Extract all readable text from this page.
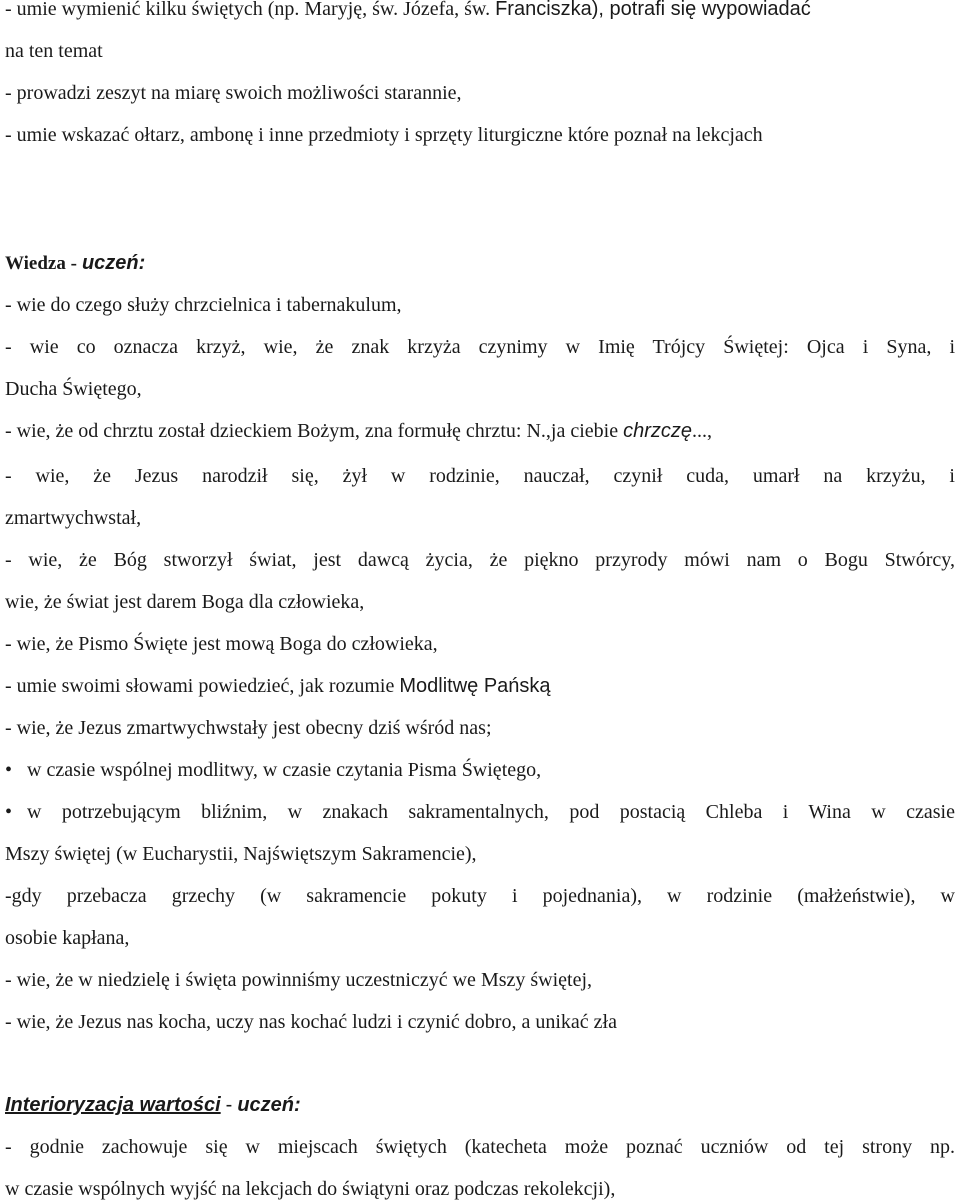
- umie wymienić kilku świętych (np. Maryję, św. Józefa, św. Franciszka), potrafi się wypowiadać
na ten temat
- prowadzi zeszyt na miarę swoich możliwości starannie,
- umie wskazać ołtarz, ambonę i inne przedmioty i sprzęty liturgiczne które poznał na lekcjach
Wiedza - uczeń:
- wie do czego służy chrzcielnica i tabernakulum,
- wie co oznacza krzyż, wie, że znak krzyża czynimy w Imię Trójcy Świętej: Ojca i Syna, i
Ducha Świętego,
- wie, że od chrztu został dzieckiem Bożym, zna formułę chrztu: N.,ja ciebie chrzczę...,
- wie, że Jezus narodził się, żył w rodzinie, nauczał, czynił cuda, umarł na krzyżu, i
zmartwychwstał,
- wie, że Bóg stworzył świat, jest dawcą życia, że piękno przyrody mówi nam o Bogu Stwórcy,
wie, że świat jest darem Boga dla człowieka,
- wie, że Pismo Święte jest mową Boga do człowieka,
- umie swoimi słowami powiedzieć, jak rozumie Modlitwę Pańską
- wie, że Jezus zmartwychwstały jest obecny dziś wśród nas;
• w czasie wspólnej modlitwy, w czasie czytania Pisma Świętego,
• w potrzebującym bliźnim, w znakach sakramentalnych, pod postacią Chleba i Wina w czasie
Mszy świętej (w Eucharystii, Najświętszym Sakramencie),
-gdy przebacza grzechy (w sakramencie pokuty i pojednania), w rodzinie (małżeństwie), w
osobie kapłana,
- wie, że w niedzielę i święta powinniśmy uczestniczyć we Mszy świętej,
- wie, że Jezus nas kocha, uczy nas kochać ludzi i czynić dobro, a unikać zła
Interioryzacja wartości - uczeń:
- godnie zachowuje się w miejscach świętych (katecheta może poznać uczniów od tej strony np.
w czasie wspólnych wyjść na lekcjach do świątyni oraz podczas rekolekcji),
